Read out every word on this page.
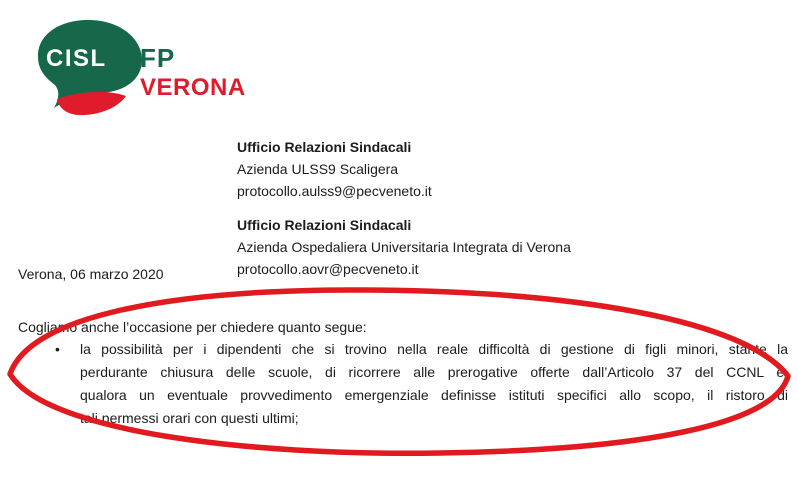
CISL FP
VERONA
Ufficio Relazioni Sindacali
Azienda ULSS9 Scaligera
protocollo.aulss9@pecveneto.it
Ufficio Relazioni Sindacali
Azienda Ospedaliera Universitaria Integrata di Verona
protocollo.aovr@pecveneto.it
Verona, 06 marzo 2020
Cogliamo anche l’occasione per chiedere quanto segue:
• la possibilità per i dipendenti che si trovino nella reale difficoltà di gestione di figli minori, stante la
perdurante chiusura delle scuole, di ricorrere alle prerogative offerte dall’Articolo 37 del CCNL e,
qualora un eventuale provvedimento emergenziale definisse istituti specifici allo scopo, il ristoro di
tali permessi orari con questi ultimi;
